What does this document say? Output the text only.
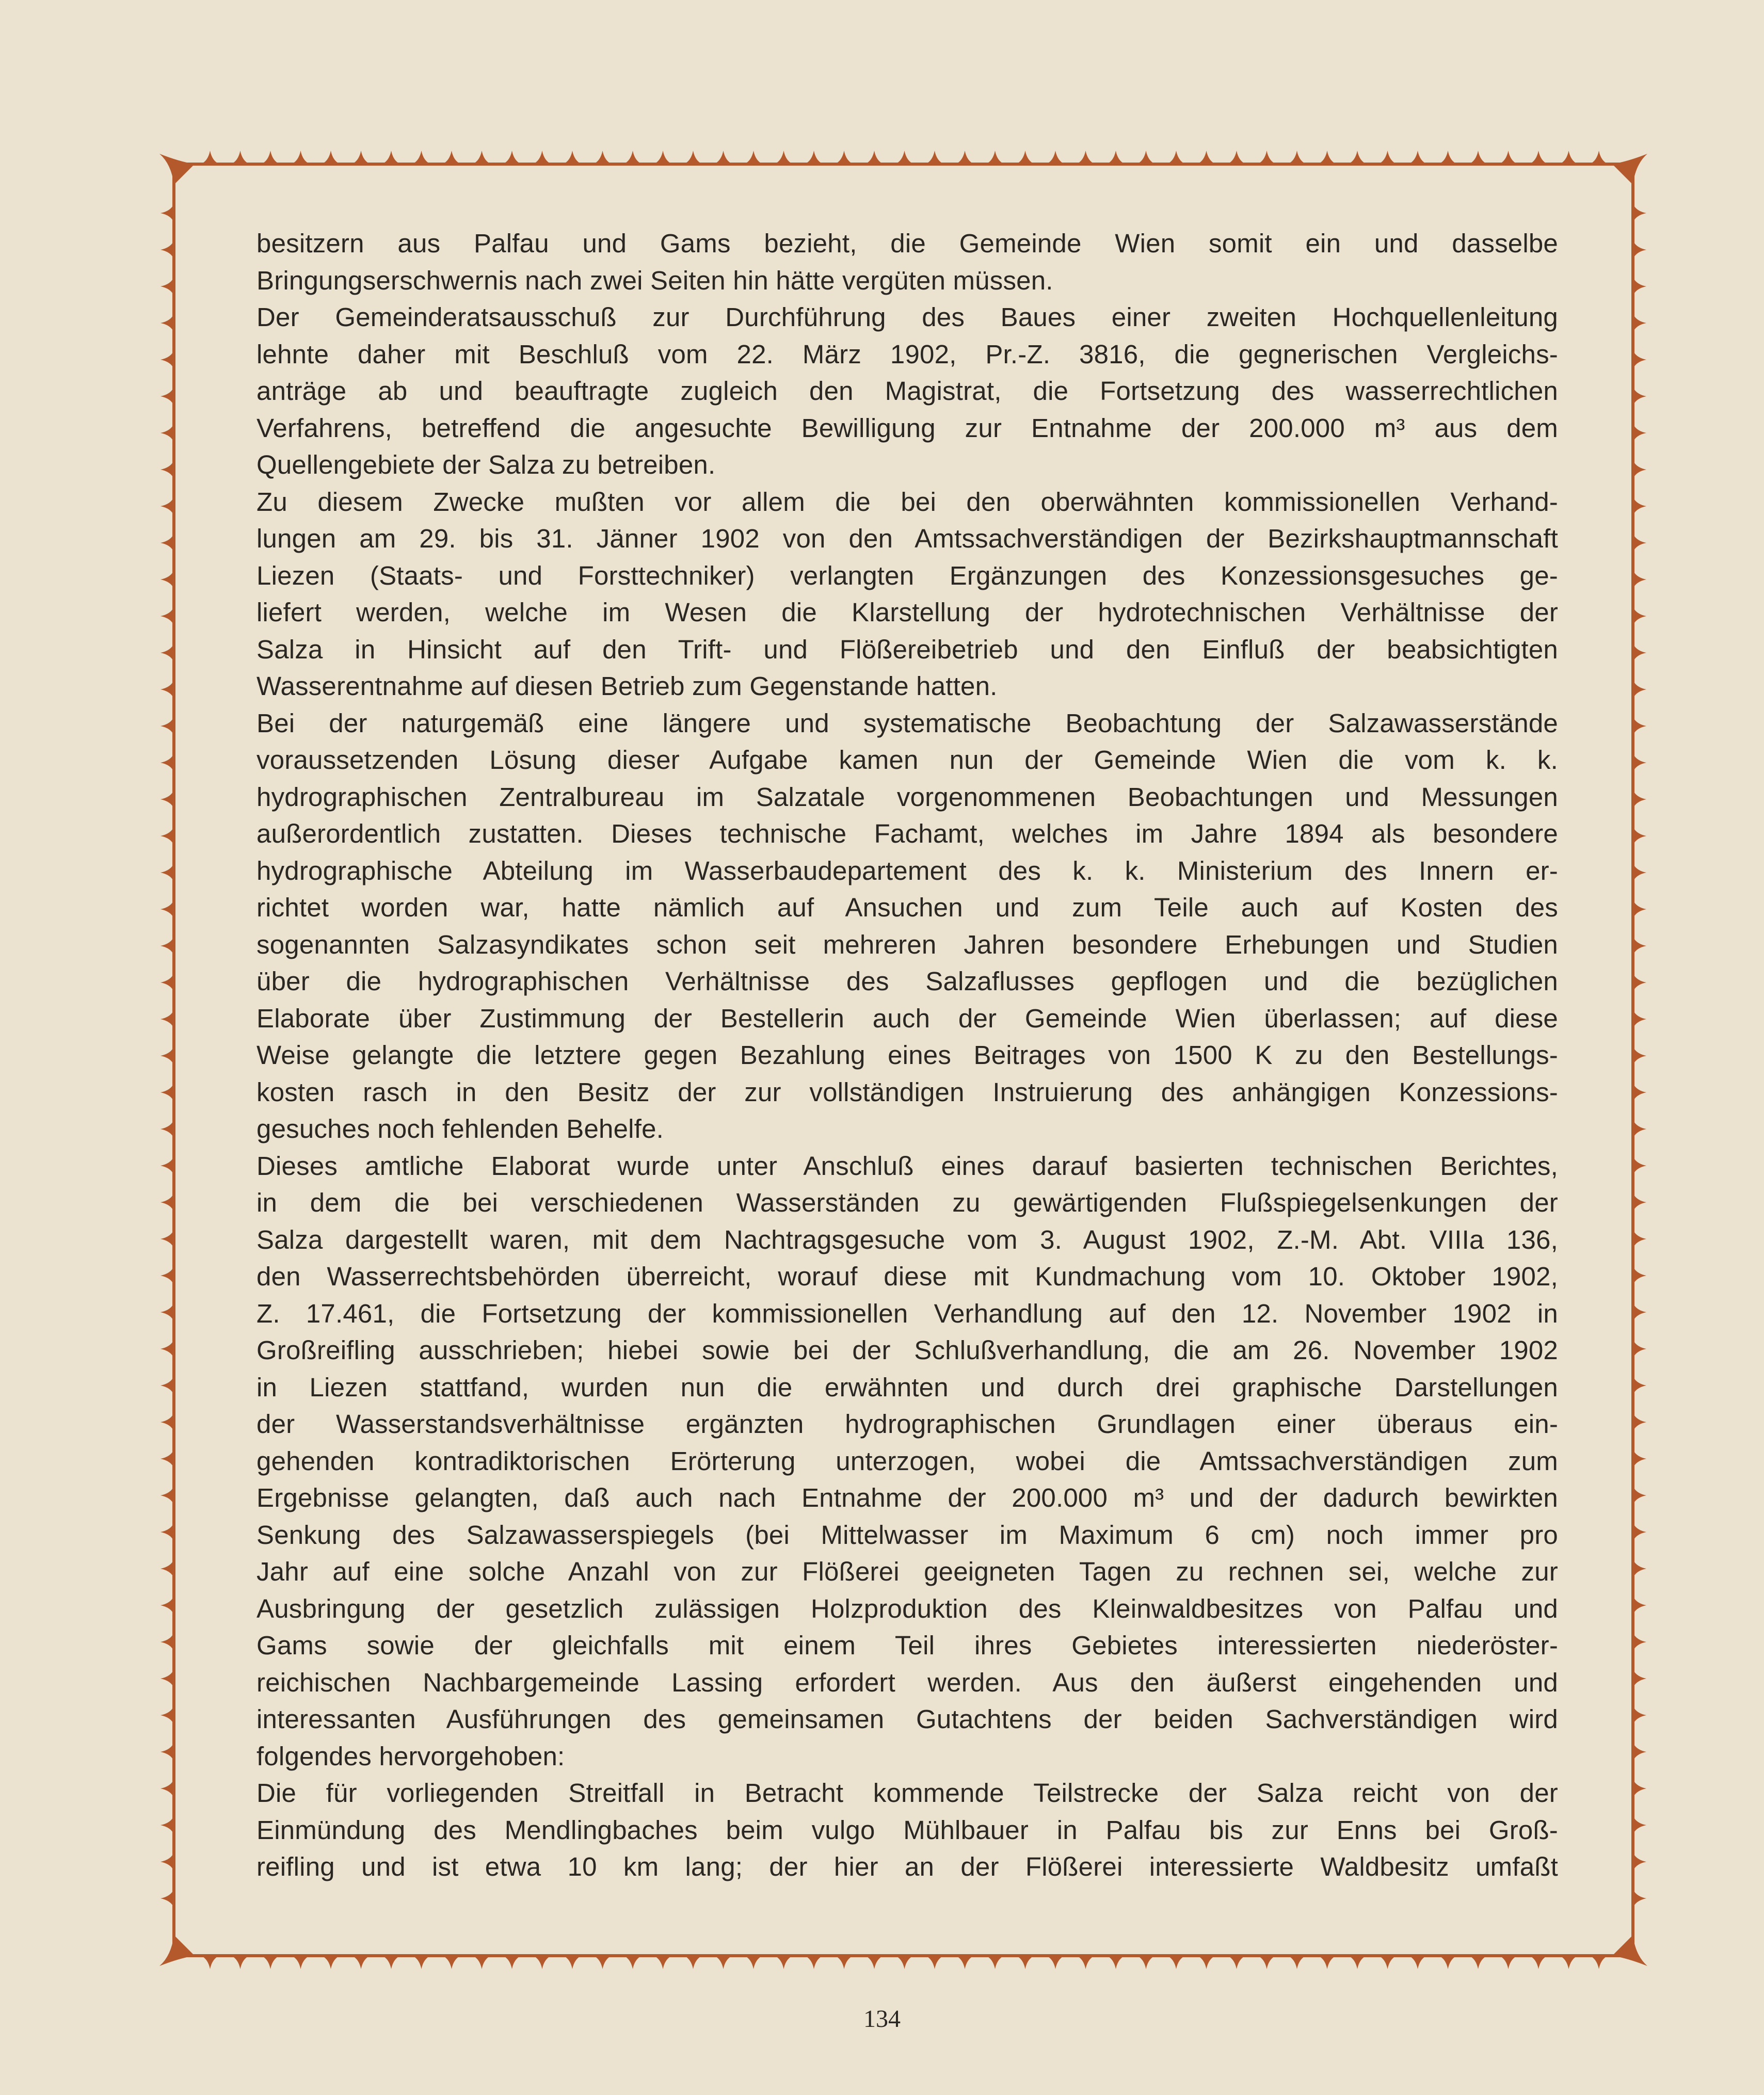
besitzern aus Palfau und Gams bezieht, die Gemeinde Wien somit ein und dasselbe
Bringungserschwernis nach zwei Seiten hin hätte vergüten müssen.
Der Gemeinderatsausschuß zur Durchführung des Baues einer zweiten Hochquellenleitung
lehnte daher mit Beschluß vom 22. März 1902, Pr.-Z. 3816, die gegnerischen Vergleichs-
anträge ab und beauftragte zugleich den Magistrat, die Fortsetzung des wasserrechtlichen
Verfahrens, betreffend die angesuchte Bewilligung zur Entnahme der 200.000 m³ aus dem
Quellengebiete der Salza zu betreiben.
Zu diesem Zwecke mußten vor allem die bei den oberwähnten kommissionellen Verhand-
lungen am 29. bis 31. Jänner 1902 von den Amtssachverständigen der Bezirkshauptmannschaft
Liezen (Staats- und Forsttechniker) verlangten Ergänzungen des Konzessionsgesuches ge-
liefert werden, welche im Wesen die Klarstellung der hydrotechnischen Verhältnisse der
Salza in Hinsicht auf den Trift- und Flößereibetrieb und den Einfluß der beabsichtigten
Wasserentnahme auf diesen Betrieb zum Gegenstande hatten.
Bei der naturgemäß eine längere und systematische Beobachtung der Salzawasserstände
voraussetzenden Lösung dieser Aufgabe kamen nun der Gemeinde Wien die vom k. k.
hydrographischen Zentralbureau im Salzatale vorgenommenen Beobachtungen und Messungen
außerordentlich zustatten. Dieses technische Fachamt, welches im Jahre 1894 als besondere
hydrographische Abteilung im Wasserbaudepartement des k. k. Ministerium des Innern er-
richtet worden war, hatte nämlich auf Ansuchen und zum Teile auch auf Kosten des
sogenannten Salzasyndikates schon seit mehreren Jahren besondere Erhebungen und Studien
über die hydrographischen Verhältnisse des Salzaflusses gepflogen und die bezüglichen
Elaborate über Zustimmung der Bestellerin auch der Gemeinde Wien überlassen; auf diese
Weise gelangte die letztere gegen Bezahlung eines Beitrages von 1500 K zu den Bestellungs-
kosten rasch in den Besitz der zur vollständigen Instruierung des anhängigen Konzessions-
gesuches noch fehlenden Behelfe.
Dieses amtliche Elaborat wurde unter Anschluß eines darauf basierten technischen Berichtes,
in dem die bei verschiedenen Wasserständen zu gewärtigenden Flußspiegelsenkungen der
Salza dargestellt waren, mit dem Nachtragsgesuche vom 3. August 1902, Z.-M. Abt. VIIIa 136,
den Wasserrechtsbehörden überreicht, worauf diese mit Kundmachung vom 10. Oktober 1902,
Z. 17.461, die Fortsetzung der kommissionellen Verhandlung auf den 12. November 1902 in
Großreifling ausschrieben; hiebei sowie bei der Schlußverhandlung, die am 26. November 1902
in Liezen stattfand, wurden nun die erwähnten und durch drei graphische Darstellungen
der Wasserstandsverhältnisse ergänzten hydrographischen Grundlagen einer überaus ein-
gehenden kontradiktorischen Erörterung unterzogen, wobei die Amtssachverständigen zum
Ergebnisse gelangten, daß auch nach Entnahme der 200.000 m³ und der dadurch bewirkten
Senkung des Salzawasserspiegels (bei Mittelwasser im Maximum 6 cm) noch immer pro
Jahr auf eine solche Anzahl von zur Flößerei geeigneten Tagen zu rechnen sei, welche zur
Ausbringung der gesetzlich zulässigen Holzproduktion des Kleinwaldbesitzes von Palfau und
Gams sowie der gleichfalls mit einem Teil ihres Gebietes interessierten niederöster-
reichischen Nachbargemeinde Lassing erfordert werden. Aus den äußerst eingehenden und
interessanten Ausführungen des gemeinsamen Gutachtens der beiden Sachverständigen wird
folgendes hervorgehoben:
Die für vorliegenden Streitfall in Betracht kommende Teilstrecke der Salza reicht von der
Einmündung des Mendlingbaches beim vulgo Mühlbauer in Palfau bis zur Enns bei Groß-
reifling und ist etwa 10 km lang; der hier an der Flößerei interessierte Waldbesitz umfaßt
134
